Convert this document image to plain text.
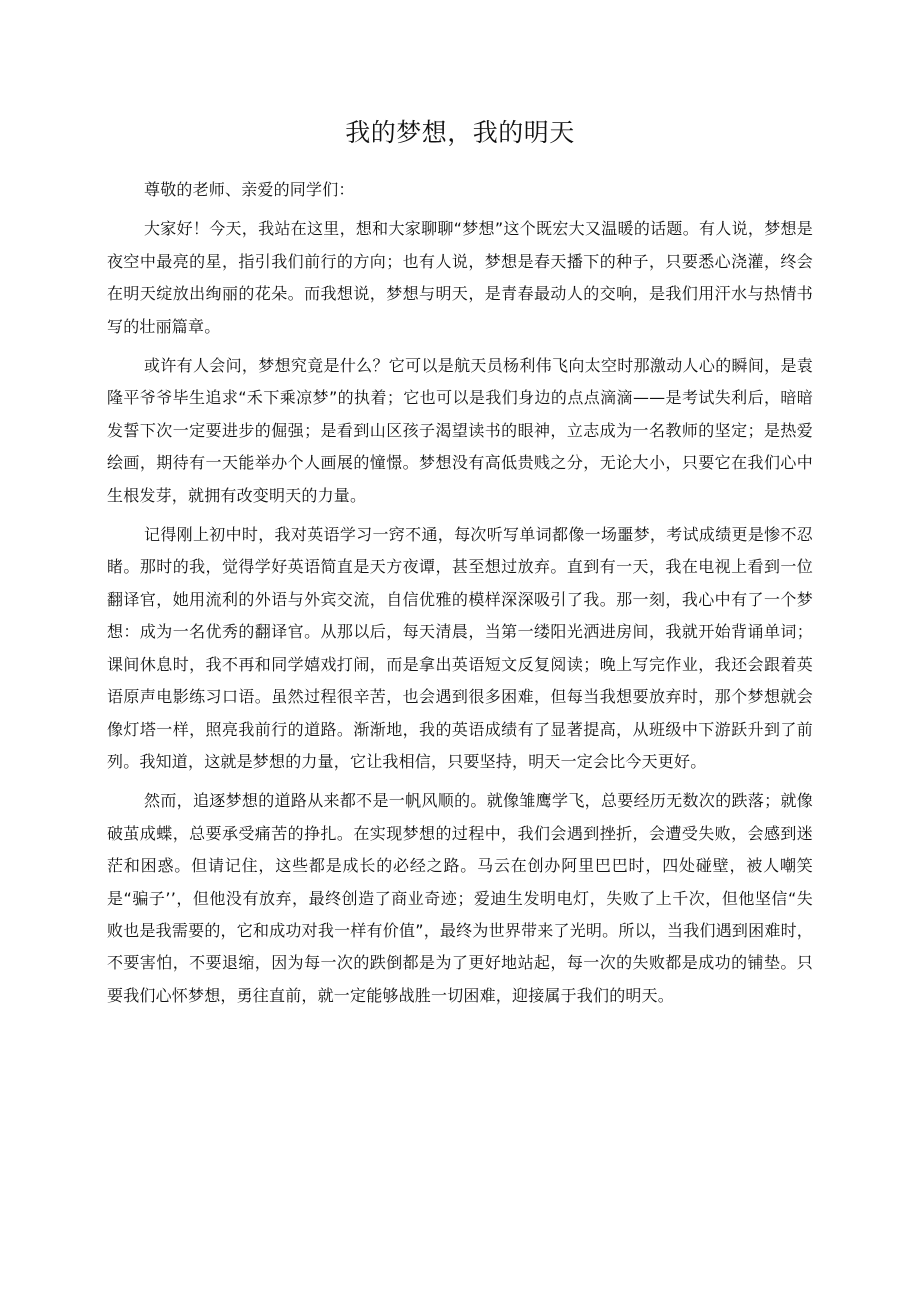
我的梦想，我的明天

尊敬的老师、亲爱的同学们：

大家好！今天，我站在这里，想和大家聊聊“梦想”这个既宏大又温暖的话题。有人说，梦想是夜空中最亮的星，指引我们前行的方向；也有人说，梦想是春天播下的种子，只要悉心浇灌，终会在明天绽放出绚丽的花朵。而我想说，梦想与明天，是青春最动人的交响，是我们用汗水与热情书写的壮丽篇章。

或许有人会问，梦想究竟是什么？它可以是航天员杨利伟飞向太空时那激动人心的瞬间，是袁隆平爷爷毕生追求“禾下乘凉梦”的执着；它也可以是我们身边的点点滴滴——是考试失利后，暗暗发誓下次一定要进步的倔强；是看到山区孩子渴望读书的眼神，立志成为一名教师的坚定；是热爱绘画，期待有一天能举办个人画展的憧憬。梦想没有高低贵贱之分，无论大小，只要它在我们心中生根发芽，就拥有改变明天的力量。

记得刚上初中时，我对英语学习一窍不通，每次听写单词都像一场噩梦，考试成绩更是惨不忍睹。那时的我，觉得学好英语简直是天方夜谭，甚至想过放弃。直到有一天，我在电视上看到一位翻译官，她用流利的外语与外宾交流，自信优雅的模样深深吸引了我。那一刻，我心中有了一个梦想：成为一名优秀的翻译官。从那以后，每天清晨，当第一缕阳光洒进房间，我就开始背诵单词；课间休息时，我不再和同学嬉戏打闹，而是拿出英语短文反复阅读；晚上写完作业，我还会跟着英语原声电影练习口语。虽然过程很辛苦，也会遇到很多困难，但每当我想要放弃时，那个梦想就会像灯塔一样，照亮我前行的道路。渐渐地，我的英语成绩有了显著提高，从班级中下游跃升到了前列。我知道，这就是梦想的力量，它让我相信，只要坚持，明天一定会比今天更好。

然而，追逐梦想的道路从来都不是一帆风顺的。就像雏鹰学飞，总要经历无数次的跌落；就像破茧成蝶，总要承受痛苦的挣扎。在实现梦想的过程中，我们会遇到挫折，会遭受失败，会感到迷茫和困惑。但请记住，这些都是成长的必经之路。马云在创办阿里巴巴时，四处碰壁，被人嘲笑是“骗子’’，但他没有放弃，最终创造了商业奇迹；爱迪生发明电灯，失败了上千次，但他坚信“失败也是我需要的，它和成功对我一样有价值”，最终为世界带来了光明。所以，当我们遇到困难时，不要害怕，不要退缩，因为每一次的跌倒都是为了更好地站起，每一次的失败都是成功的铺垫。只要我们心怀梦想，勇往直前，就一定能够战胜一切困难，迎接属于我们的明天。
